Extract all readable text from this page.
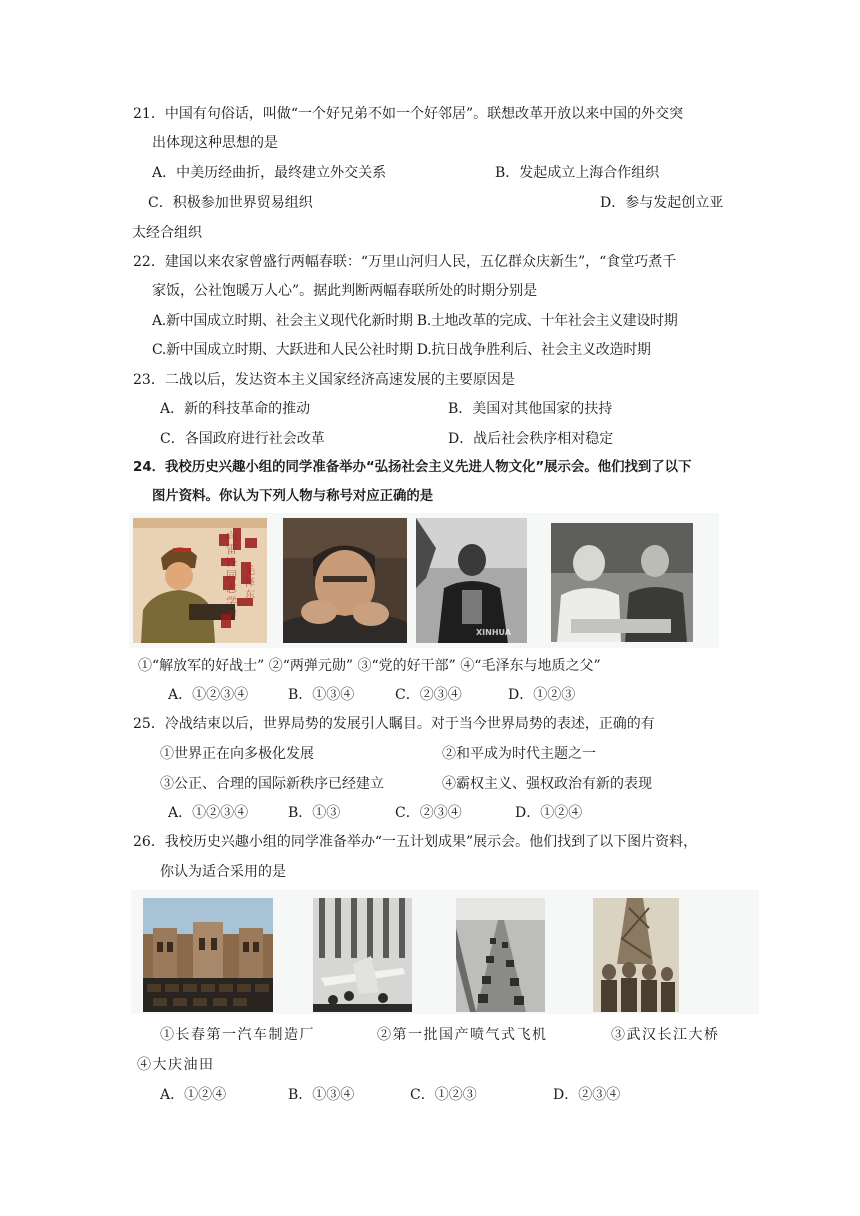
21．中国有句俗话，叫做“一个好兄弟不如一个好邻居”。联想改革开放以来中国的外交突
出体现这种思想的是
A．中美历经曲折，最终建立外交关系	B．发起成立上海合作组织
C．积极参加世界贸易组织	D．参与发起创立亚
太经合组织
22．建国以来农家曾盛行两幅春联：“万里山河归人民，五亿群众庆新生”，“食堂巧煮千
家饭，公社饱暖万人心”。据此判断两幅春联所处的时期分别是
A.新中国成立时期、社会主义现代化新时期 B.土地改革的完成、十年社会主义建设时期
C.新中国成立时期、大跃进和人民公社时期 D.抗日战争胜利后、社会主义改造时期
23．二战以后，发达资本主义国家经济高速发展的主要原因是
A．新的科技革命的推动	B．美国对其他国家的扶持
C．各国政府进行社会改革	D．战后社会秩序相对稳定
24．我校历史兴趣小组的同学准备举办“弘扬社会主义先进人物文化”展示会。他们找到了以下
图片资料。你认为下列人物与称号对应正确的是
向雷锋同志学习
毛泽东
XINHUA
①“解放军的好战士” ②“两弹元勋” ③“党的好干部” ④“毛泽东与地质之父”
A．①②③④	B．①③④	C．②③④	D．①②③
25．冷战结束以后，世界局势的发展引人瞩目。对于当今世界局势的表述，正确的有
①世界正在向多极化发展	②和平成为时代主题之一
③公正、合理的国际新秩序已经建立	④霸权主义、强权政治有新的表现
A．①②③④	B．①③	C．②③④	D．①②④
26．我校历史兴趣小组的同学准备举办“一五计划成果”展示会。他们找到了以下图片资料，
你认为适合采用的是
①长春第一汽车制造厂	②第一批国产喷气式飞机	③武汉长江大桥
④大庆油田
A．①②④	B．①③④	C．①②③	D．②③④
